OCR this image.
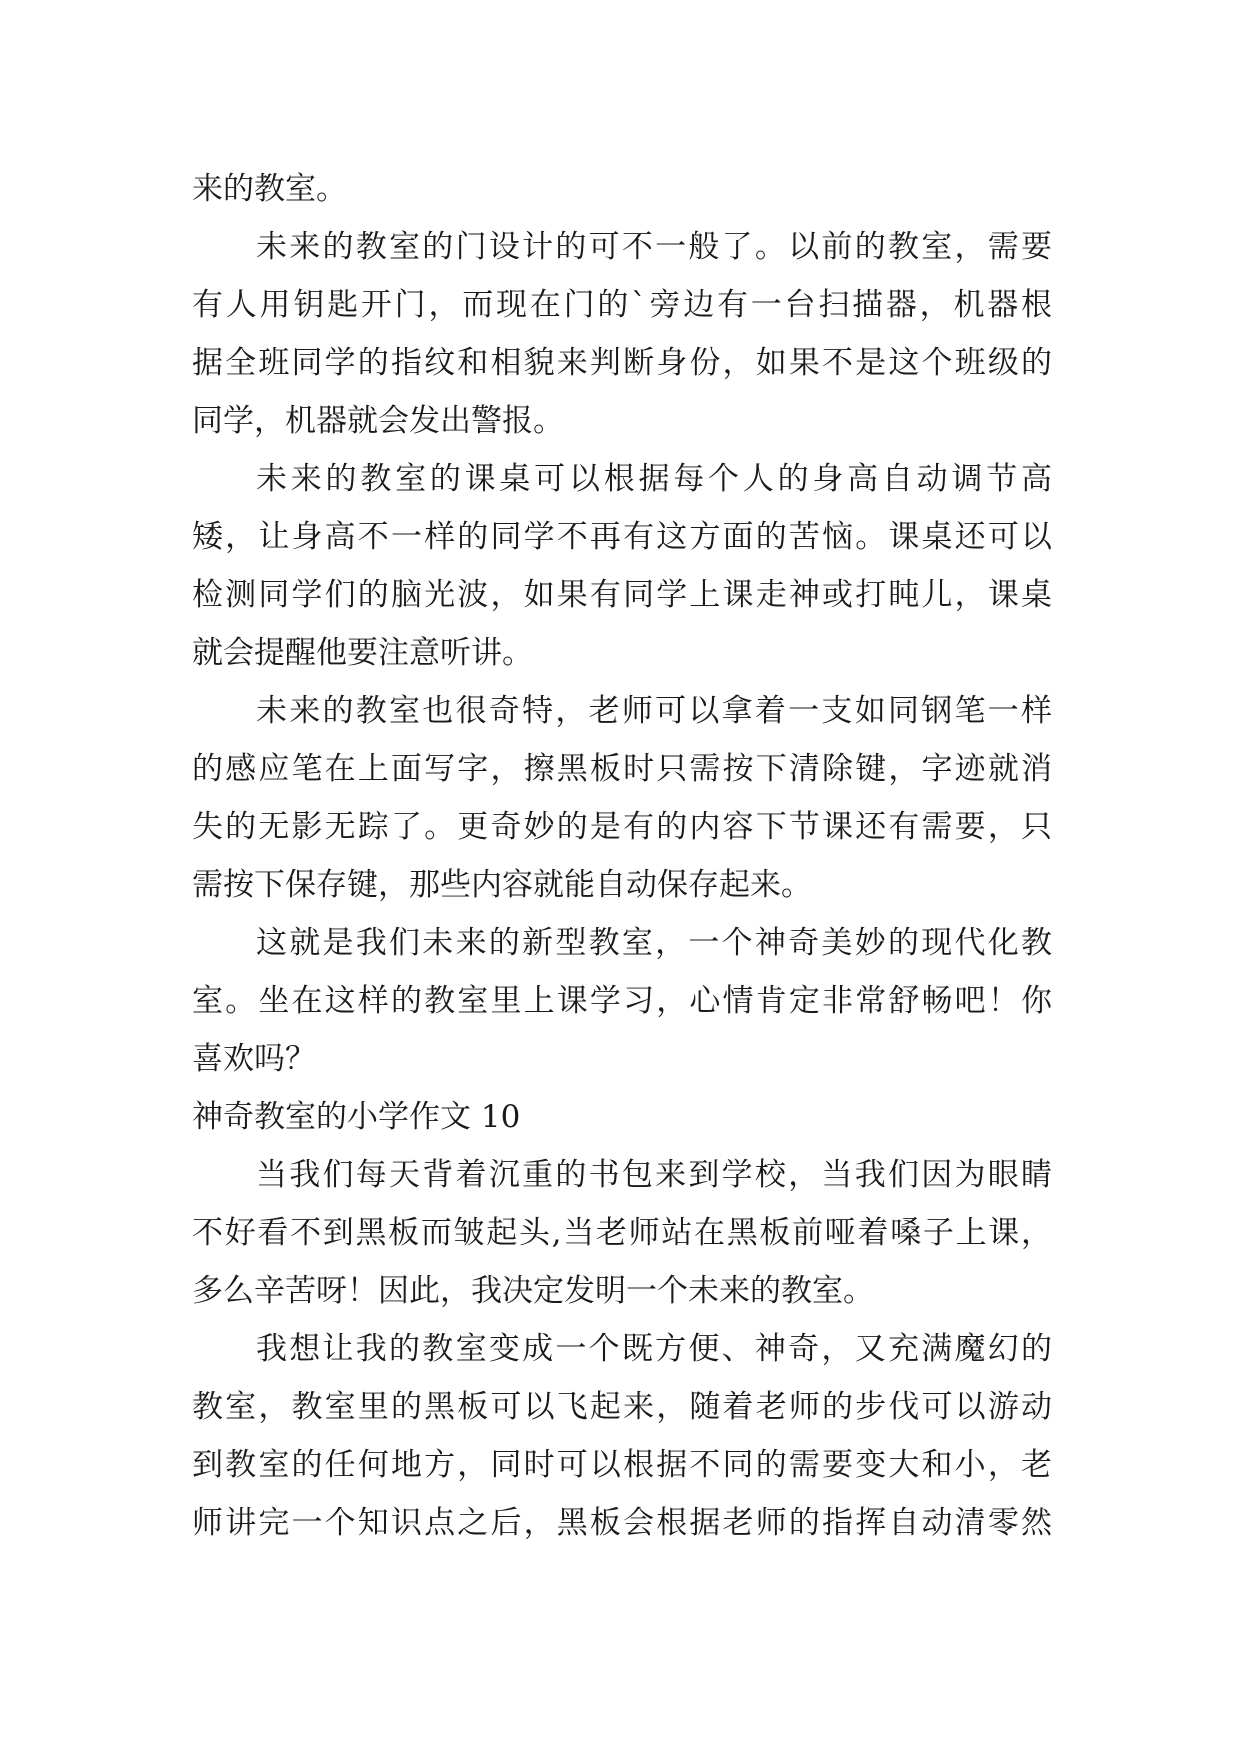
来的教室。
未来的教室的门设计的可不一般了。以前的教室，需要
有人用钥匙开门，而现在门的`旁边有一台扫描器，机器根
据全班同学的指纹和相貌来判断身份，如果不是这个班级的
同学，机器就会发出警报。
未来的教室的课桌可以根据每个人的身高自动调节高
矮，让身高不一样的同学不再有这方面的苦恼。课桌还可以
检测同学们的脑光波，如果有同学上课走神或打盹儿，课桌
就会提醒他要注意听讲。
未来的教室也很奇特，老师可以拿着一支如同钢笔一样
的感应笔在上面写字，擦黑板时只需按下清除键，字迹就消
失的无影无踪了。更奇妙的是有的内容下节课还有需要，只
需按下保存键，那些内容就能自动保存起来。
这就是我们未来的新型教室，一个神奇美妙的现代化教
室。坐在这样的教室里上课学习，心情肯定非常舒畅吧！你
喜欢吗？
神奇教室的小学作文 10
当我们每天背着沉重的书包来到学校，当我们因为眼睛
不好看不到黑板而皱起头,当老师站在黑板前哑着嗓子上课，
多么辛苦呀！因此，我决定发明一个未来的教室。
我想让我的教室变成一个既方便、神奇，又充满魔幻的
教室，教室里的黑板可以飞起来，随着老师的步伐可以游动
到教室的任何地方，同时可以根据不同的需要变大和小，老
师讲完一个知识点之后，黑板会根据老师的指挥自动清零然
